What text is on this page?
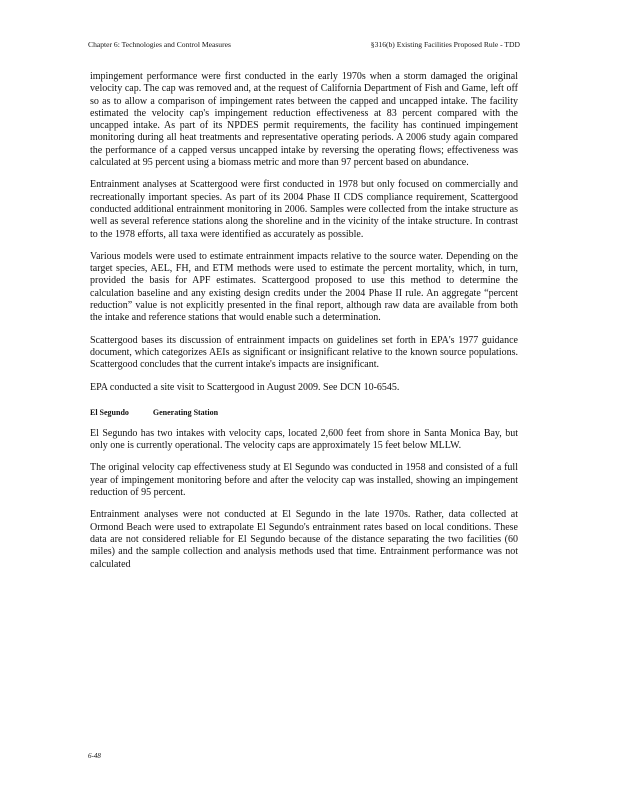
Chapter 6: Technologies and Control Measures	§316(b) Existing Facilities Proposed Rule - TDD

impingement performance were first conducted in the early 1970s when a storm damaged the original velocity cap. The cap was removed and, at the request of California Department of Fish and Game, left off so as to allow a comparison of impingement rates between the capped and uncapped intake. The facility estimated the velocity cap's impingement reduction effectiveness at 83 percent compared with the uncapped intake. As part of its NPDES permit requirements, the facility has continued impingement monitoring during all heat treatments and representative operating periods. A 2006 study again compared the performance of a capped versus uncapped intake by reversing the operating flows; effectiveness was calculated at 95 percent using a biomass metric and more than 97 percent based on abundance.

Entrainment analyses at Scattergood were first conducted in 1978 but only focused on commercially and recreationally important species. As part of its 2004 Phase II CDS compliance requirement, Scattergood conducted additional entrainment monitoring in 2006. Samples were collected from the intake structure as well as several reference stations along the shoreline and in the vicinity of the intake structure. In contrast to the 1978 efforts, all taxa were identified as accurately as possible.

Various models were used to estimate entrainment impacts relative to the source water. Depending on the target species, AEL, FH, and ETM methods were used to estimate the percent mortality, which, in turn, provided the basis for APF estimates. Scattergood proposed to use this method to determine the calculation baseline and any existing design credits under the 2004 Phase II rule. An aggregate “percent reduction” value is not explicitly presented in the final report, although raw data are available from both the intake and reference stations that would enable such a determination.

Scattergood bases its discussion of entrainment impacts on guidelines set forth in EPA's 1977 guidance document, which categorizes AEIs as significant or insignificant relative to the known source populations. Scattergood concludes that the current intake's impacts are insignificant.

EPA conducted a site visit to Scattergood in August 2009. See DCN 10-6545.

El Segundo	Generating Station

El Segundo has two intakes with velocity caps, located 2,600 feet from shore in Santa Monica Bay, but only one is currently operational. The velocity caps are approximately 15 feet below MLLW.

The original velocity cap effectiveness study at El Segundo was conducted in 1958 and consisted of a full year of impingement monitoring before and after the velocity cap was installed, showing an impingement reduction of 95 percent.

Entrainment analyses were not conducted at El Segundo in the late 1970s. Rather, data collected at Ormond Beach were used to extrapolate El Segundo's entrainment rates based on local conditions. These data are not considered reliable for El Segundo because of the distance separating the two facilities (60 miles) and the sample collection and analysis methods used that time. Entrainment performance was not calculated

6-48
